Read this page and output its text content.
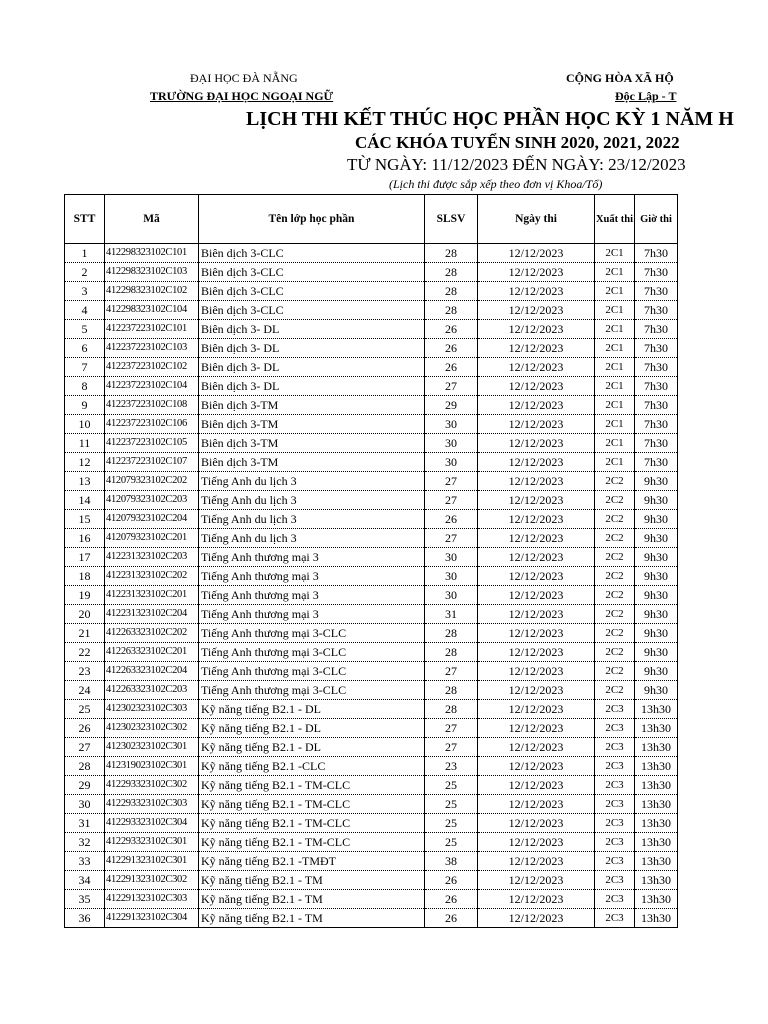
ĐẠI HỌC ĐÀ NẴNG
TRƯỜNG ĐẠI HỌC NGOẠI NGỮ
CỘNG HÒA XÃ HỘ
Độc Lập - T
LỊCH THI KẾT THÚC HỌC PHẦN HỌC KỲ 1 NĂM H
CÁC KHÓA TUYỂN SINH 2020, 2021, 2022
TỪ NGÀY: 11/12/2023 ĐẾN NGÀY: 23/12/2023
(Lịch thi được sắp xếp theo đơn vị Khoa/Tổ)
STT	Mã	Tên lớp học phần	SLSV	Ngày thi	Xuất thi	Giờ thi
1	412298323102C101	Biên dịch 3-CLC	28	12/12/2023	2C1	7h30
2	412298323102C103	Biên dịch 3-CLC	28	12/12/2023	2C1	7h30
3	412298323102C102	Biên dịch 3-CLC	28	12/12/2023	2C1	7h30
4	412298323102C104	Biên dịch 3-CLC	28	12/12/2023	2C1	7h30
5	412237223102C101	Biên dịch 3- DL	26	12/12/2023	2C1	7h30
6	412237223102C103	Biên dịch 3- DL	26	12/12/2023	2C1	7h30
7	412237223102C102	Biên dịch 3- DL	26	12/12/2023	2C1	7h30
8	412237223102C104	Biên dịch 3- DL	27	12/12/2023	2C1	7h30
9	412237223102C108	Biên dịch 3-TM	29	12/12/2023	2C1	7h30
10	412237223102C106	Biên dịch 3-TM	30	12/12/2023	2C1	7h30
11	412237223102C105	Biên dịch 3-TM	30	12/12/2023	2C1	7h30
12	412237223102C107	Biên dịch 3-TM	30	12/12/2023	2C1	7h30
13	412079323102C202	Tiếng Anh du lịch 3	27	12/12/2023	2C2	9h30
14	412079323102C203	Tiếng Anh du lịch 3	27	12/12/2023	2C2	9h30
15	412079323102C204	Tiếng Anh du lịch 3	26	12/12/2023	2C2	9h30
16	412079323102C201	Tiếng Anh du lịch 3	27	12/12/2023	2C2	9h30
17	412231323102C203	Tiếng Anh thương mại 3	30	12/12/2023	2C2	9h30
18	412231323102C202	Tiếng Anh thương mại 3	30	12/12/2023	2C2	9h30
19	412231323102C201	Tiếng Anh thương mại 3	30	12/12/2023	2C2	9h30
20	412231323102C204	Tiếng Anh thương mại 3	31	12/12/2023	2C2	9h30
21	412263323102C202	Tiếng Anh thương mại 3-CLC	28	12/12/2023	2C2	9h30
22	412263323102C201	Tiếng Anh thương mại 3-CLC	28	12/12/2023	2C2	9h30
23	412263323102C204	Tiếng Anh thương mại 3-CLC	27	12/12/2023	2C2	9h30
24	412263323102C203	Tiếng Anh thương mại 3-CLC	28	12/12/2023	2C2	9h30
25	412302323102C303	Kỹ năng tiếng B2.1 - DL	28	12/12/2023	2C3	13h30
26	412302323102C302	Kỹ năng tiếng B2.1 - DL	27	12/12/2023	2C3	13h30
27	412302323102C301	Kỹ năng tiếng B2.1 - DL	27	12/12/2023	2C3	13h30
28	412319023102C301	Kỹ năng tiếng B2.1 -CLC	23	12/12/2023	2C3	13h30
29	412293323102C302	Kỹ năng tiếng B2.1 - TM-CLC	25	12/12/2023	2C3	13h30
30	412293323102C303	Kỹ năng tiếng B2.1 - TM-CLC	25	12/12/2023	2C3	13h30
31	412293323102C304	Kỹ năng tiếng B2.1 - TM-CLC	25	12/12/2023	2C3	13h30
32	412293323102C301	Kỹ năng tiếng B2.1 - TM-CLC	25	12/12/2023	2C3	13h30
33	412291323102C301	Kỹ năng tiếng B2.1 -TMĐT	38	12/12/2023	2C3	13h30
34	412291323102C302	Kỹ năng tiếng B2.1 - TM	26	12/12/2023	2C3	13h30
35	412291323102C303	Kỹ năng tiếng B2.1 - TM	26	12/12/2023	2C3	13h30
36	412291323102C304	Kỹ năng tiếng B2.1 - TM	26	12/12/2023	2C3	13h30
